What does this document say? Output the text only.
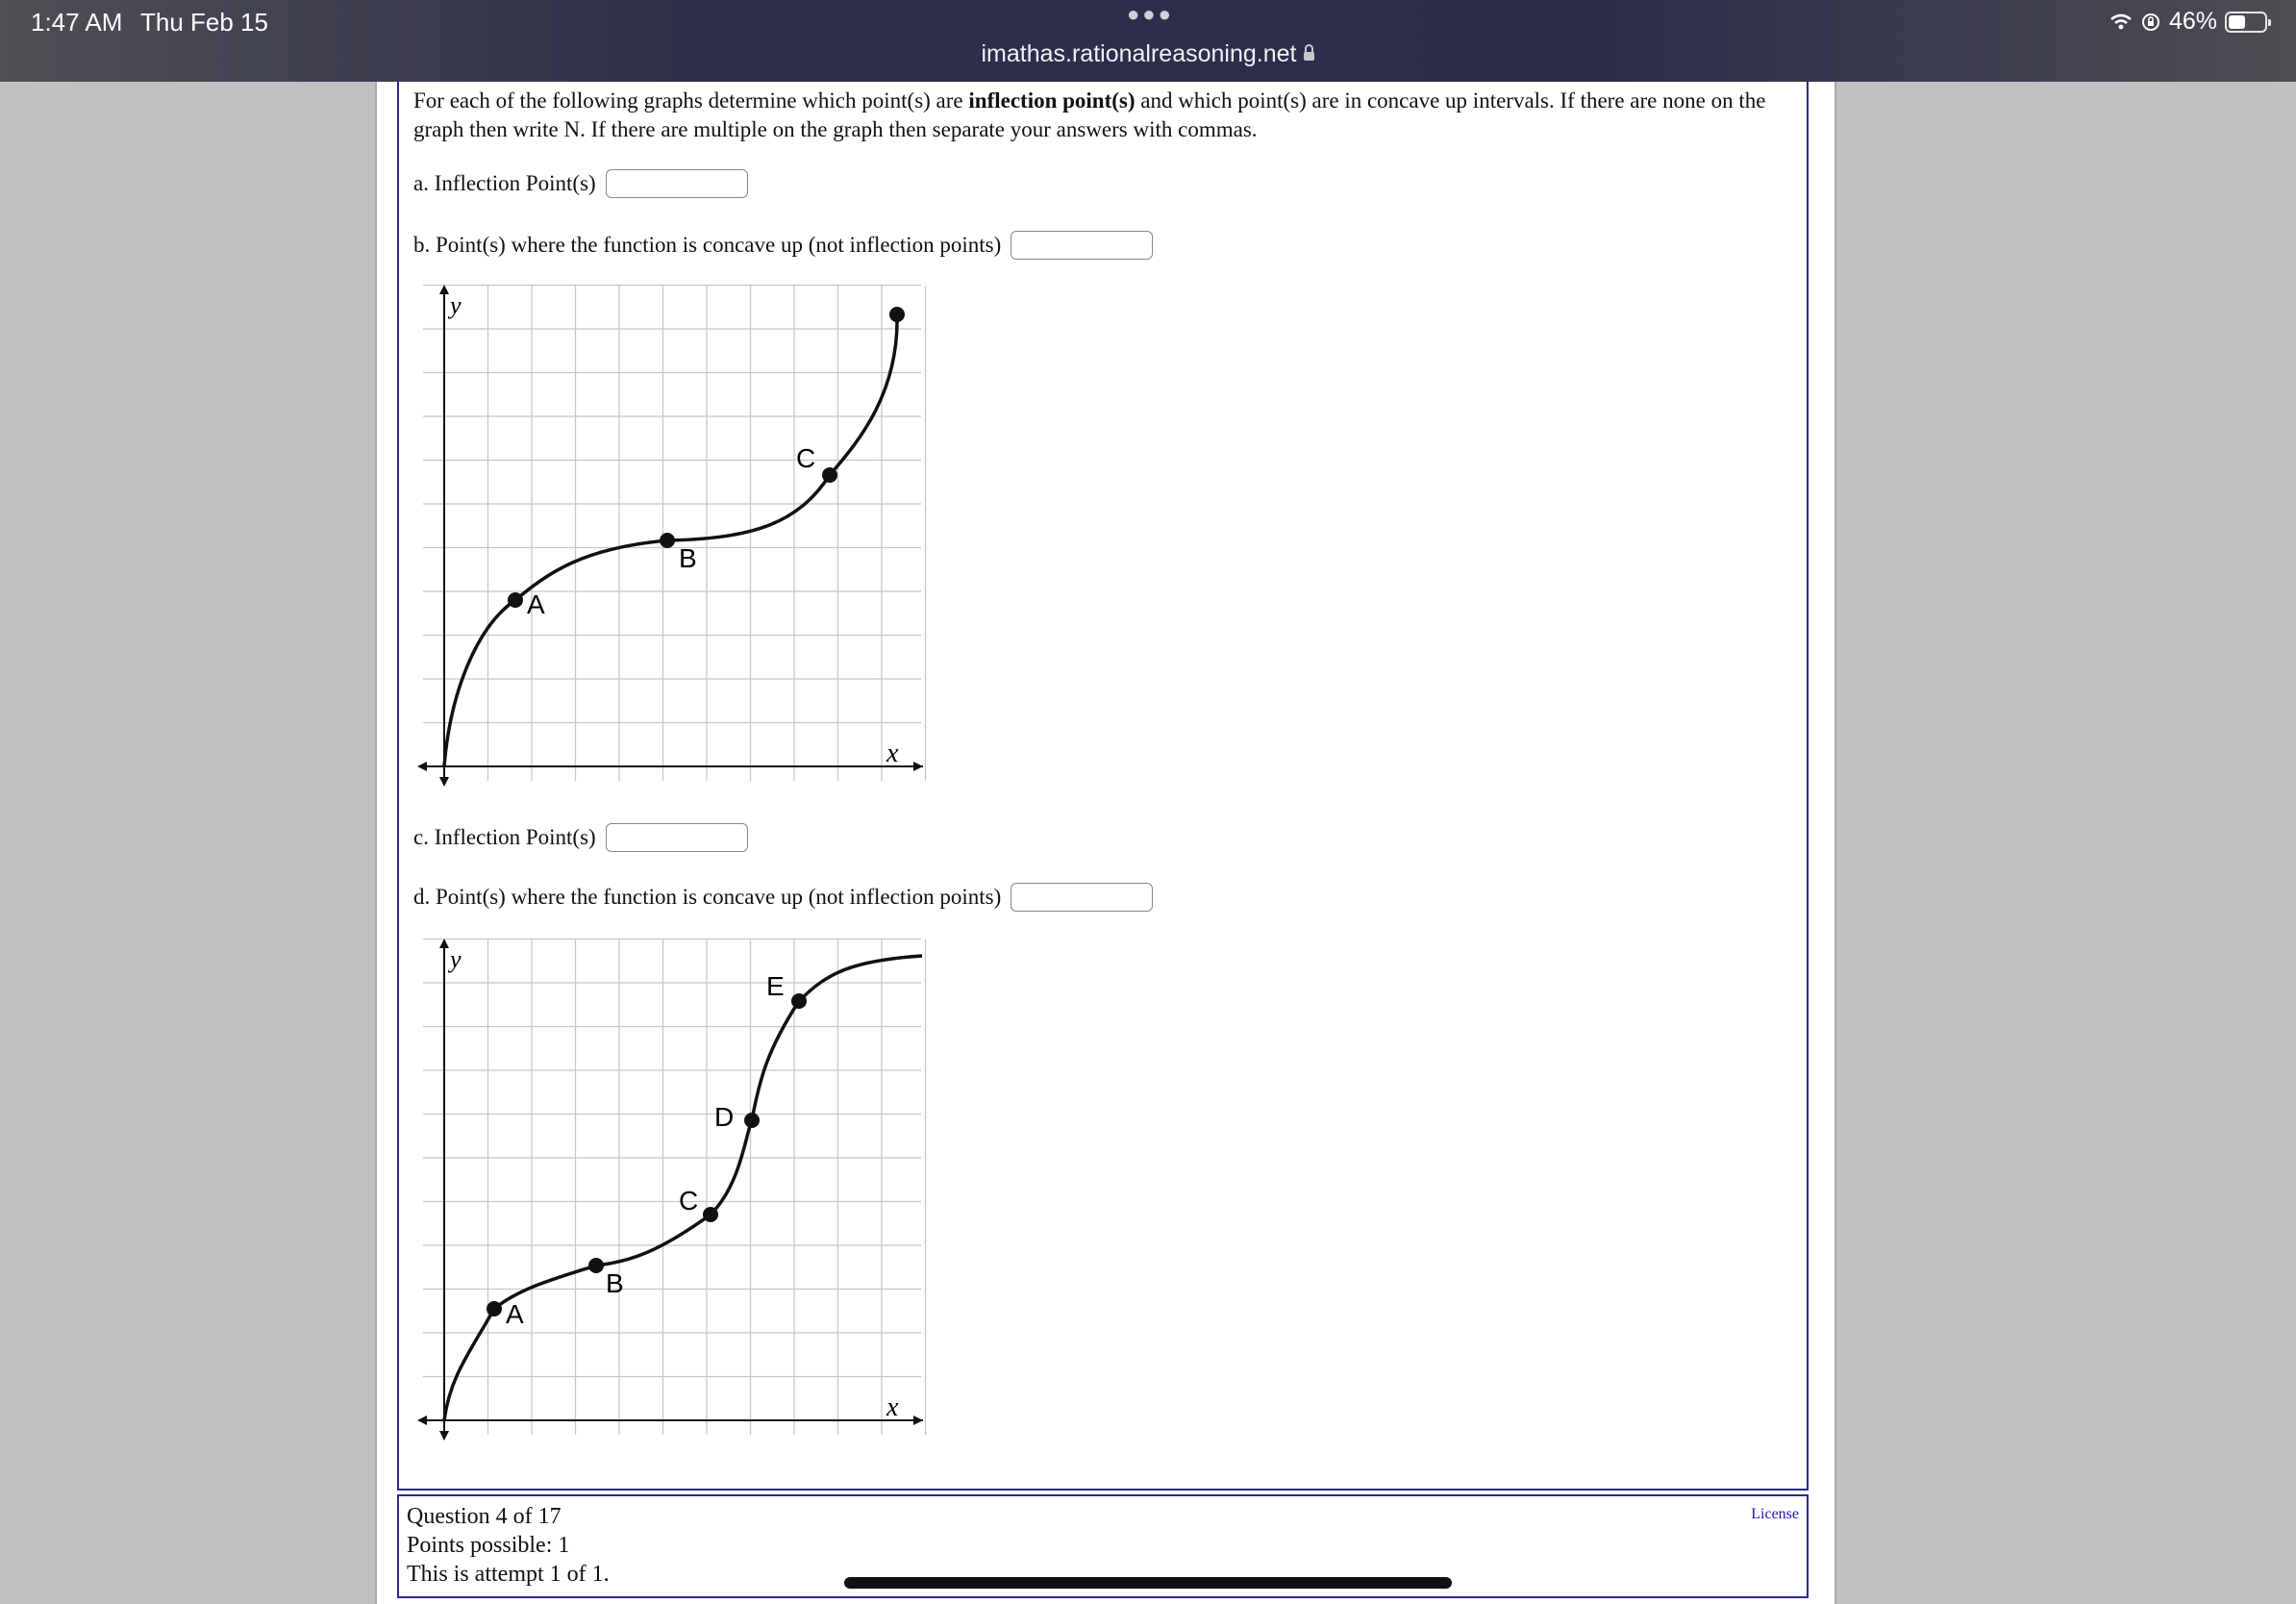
1:47 AM Thu Feb 15	●●●
imathas.rationalreasoning.net
46%
For each of the following graphs determine which point(s) are inflection point(s) and which point(s) are in concave up intervals. If there are none on the graph then write N. If there are multiple on the graph then separate your answers with commas.
a. Inflection Point(s)
b. Point(s) where the function is concave up (not inflection points)
y
x
A
B
C
c. Inflection Point(s)
d. Point(s) where the function is concave up (not inflection points)
y
x
A
B
C
D
E
Question 4 of 17
Points possible: 1
This is attempt 1 of 1.
License
